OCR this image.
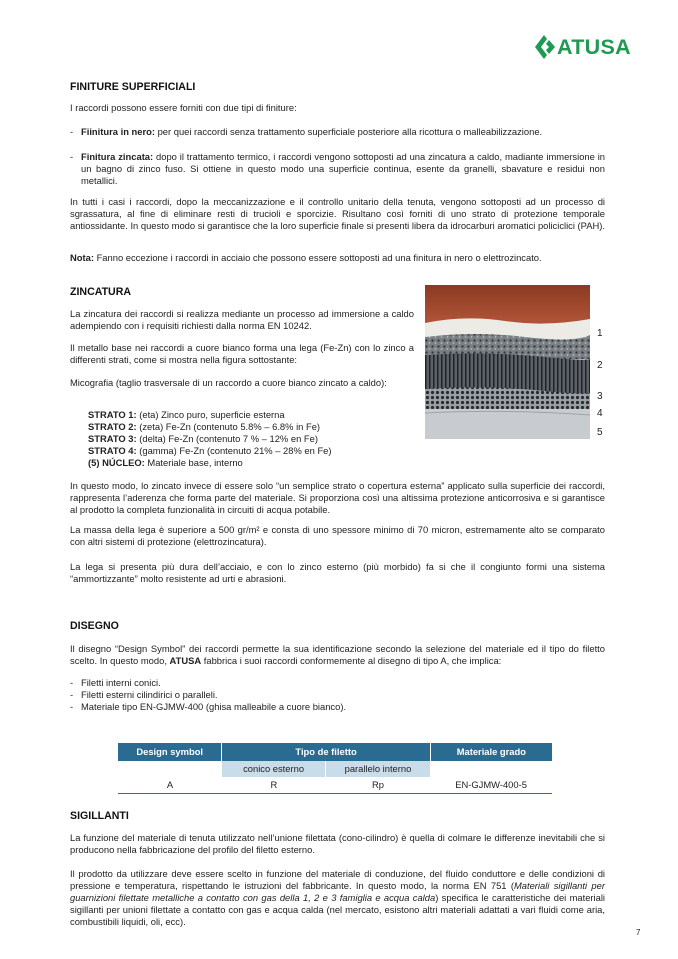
ATUSA
FINITURE SUPERFICIALI

I raccordi possono essere forniti con due tipi di finiture:

- Fiinitura in nero: per quei raccordi senza trattamento superficiale posteriore alla ricottura o malleabilizzazione.
- Finitura zincata: dopo il trattamento termico, i raccordi vengono sottoposti ad una zincatura a caldo, madiante immersione in un bagno di zinco fuso. Si ottiene in questo modo una superficie continua, esente da granelli, sbavature e residui non metallici.

In tutti i casi i raccordi, dopo la meccanizzazione e il controllo unitario della tenuta, vengono sottoposti ad un processo di sgrassatura, al fine di eliminare resti di trucioli e sporcizie. Risultano così forniti di uno strato di protezione temporale antiossidante. In questo modo si garantisce che la loro superficie finale si presenti libera da idrocarburi aromatici policiclici (PAH).

Nota: Fanno eccezione i raccordi in acciaio che possono essere sottoposti ad una finitura in nero o elettrozincato.

ZINCATURA

La zincatura dei raccordi si realizza mediante un processo ad immersione a caldo adempiendo con i requisiti richiesti dalla norma EN 10242.

Il metallo base nei raccordi a cuore bianco forma una lega (Fe-Zn) con lo zinco a differenti strati, come si mostra nella figura sottostante:

Micografia (taglio trasversale di un raccordo a cuore bianco zincato a caldo):

STRATO 1: (eta) Zinco puro, superficie esterna
STRATO 2: (zeta) Fe-Zn (contenuto 5.8% – 6.8% in Fe)
STRATO 3: (delta) Fe-Zn (contenuto 7 % – 12% en Fe)
STRATO 4: (gamma) Fe-Zn (contenuto 21% – 28% en Fe)
(5) NÚCLEO: Materiale base, interno
1
2
3
4
5

In questo modo, lo zincato invece di essere solo “un semplice strato o copertura esterna” applicato sulla superficie dei raccordi, rappresenta l’aderenza che forma parte del materiale. Si proporziona così una altissima protezione anticorrosiva e si garantisce al prodotto la completa funzionalità in circuiti di acqua potabile.

La massa della lega è superiore a 500 gr/m² e consta di uno spessore minimo di 70 micron, estremamente alto se comparato con altri sistemi di protezione (elettrozincatura).

La lega si presenta più dura dell’acciaio, e con lo zinco esterno (più morbido) fa si che il congiunto formi una sistema “ammortizzante” molto resistente ad urti e abrasioni.

DISEGNO

Il disegno “Design Symbol” dei raccordi permette la sua identificazione secondo la selezione del materiale ed il tipo do filetto scelto. In questo modo, ATUSA fabbrica i suoi raccordi conformemente al disegno di tipo A, che implica:

- Filetti interni conici.
- Filetti esterni cilindirici o paralleli.
- Materiale tipo EN-GJMW-400 (ghisa malleabile a cuore bianco).
Design symbol	Tipo de filetto		Materiale grado
	conico esterno	parallelo interno	
A	R	Rp	EN-GJMW-400-5
SIGILLANTI

La funzione del materiale di tenuta utilizzato nell’unione filettata (cono-cilindro) è quella di colmare le differenze inevitabili che si producono nella fabbricazione del profilo del filetto esterno.

Il prodotto da utilizzare deve essere scelto in funzione del materiale di conduzione, del fluido conduttore e delle condizioni di pressione e temperatura, rispettando le istruzioni del fabbricante. In questo modo, la norma EN 751 (Materiali sigillanti per guarnizioni filettate metalliche a contatto con gas della 1, 2 e 3 famiglia e acqua calda) specifica le caratteristiche dei materiali sigillanti per unioni filettate a contatto con gas e acqua calda (nel mercato, esistono altri materiali adattati a vari fluidi come aria, combustibili liquidi, oli, ecc).

7
